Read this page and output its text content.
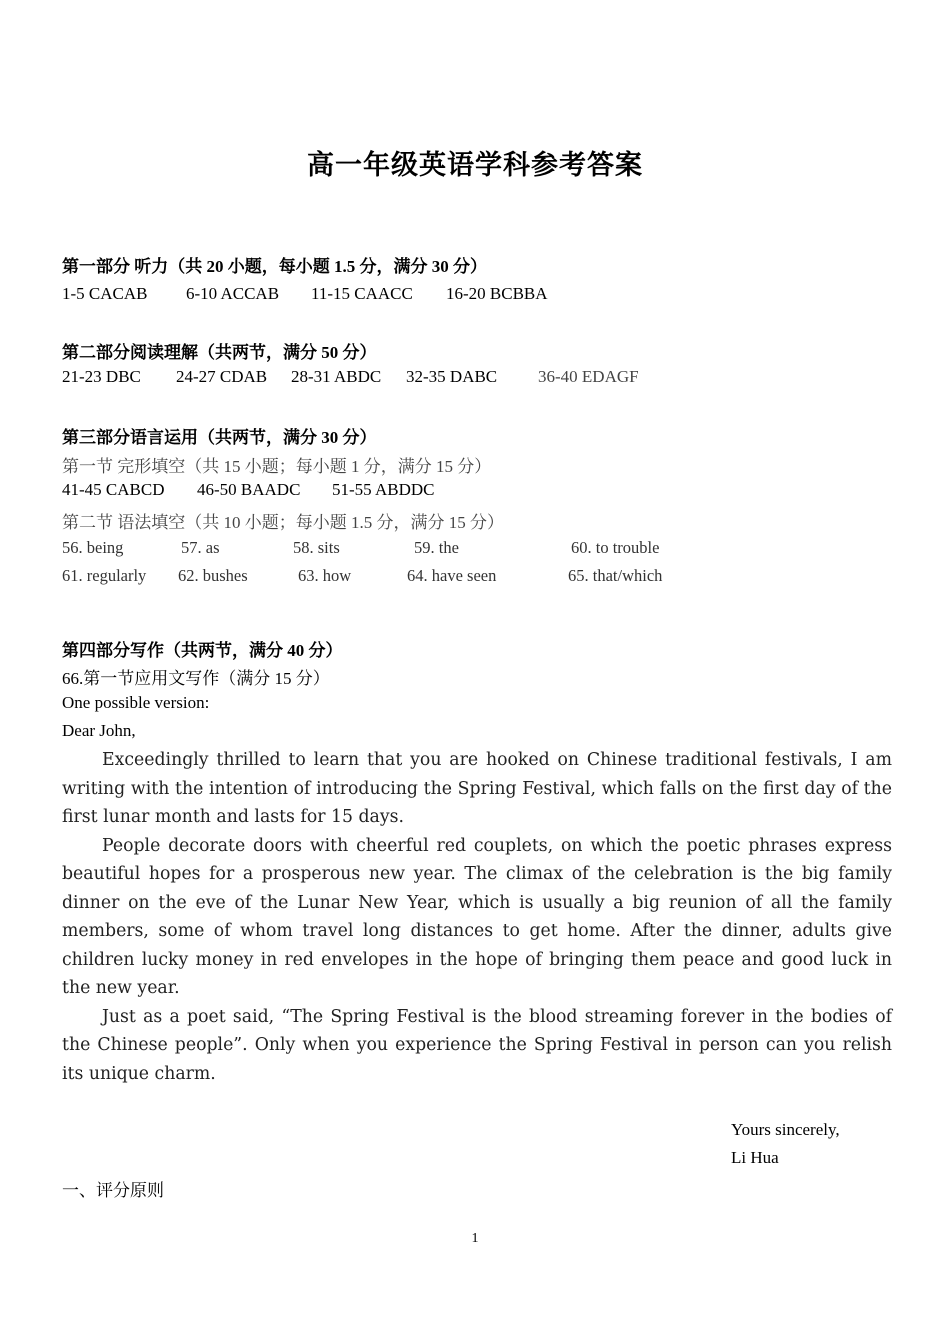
高一年级英语学科参考答案
第一部分 听力（共 20 小题，每小题 1.5 分，满分 30 分）
1-5 CACAB 6-10 ACCAB 11-15 CAACC 16-20 BCBBA
第二部分阅读理解（共两节，满分 50 分）
21-23 DBC 24-27 CDAB 28-31 ABDC 32-35 DABC 36-40 EDAGF
第三部分语言运用（共两节，满分 30 分）
第一节 完形填空（共 15 小题；每小题 1 分，满分 15 分）
41-45 CABCD 46-50 BAADC 51-55 ABDDC
第二节 语法填空（共 10 小题；每小题 1.5 分，满分 15 分）
56. being	57. as	58. sits	59. the	60. to trouble
61. regularly 62. bushes	63. how	64. have seen	65. that/which
第四部分写作（共两节，满分 40 分）
66.第一节应用文写作（满分 15 分）
One possible version:
Dear John,

Exceedingly thrilled to learn that you are hooked on Chinese traditional festivals, I am writing with the intention of introducing the Spring Festival, which falls on the first day of the first lunar month and lasts for 15 days.

People decorate doors with cheerful red couplets, on which the poetic phrases express beautiful hopes for a prosperous new year. The climax of the celebration is the big family dinner on the eve of the Lunar New Year, which is usually a big reunion of all the family members, some of whom travel long distances to get home. After the dinner, adults give children lucky money in red envelopes in the hope of bringing them peace and good luck in the new year.

Just as a poet said, “The Spring Festival is the blood streaming forever in the bodies of the Chinese people”. Only when you experience the Spring Festival in person can you relish its unique charm.

Yours sincerely,
Li Hua
一、评分原则
1
